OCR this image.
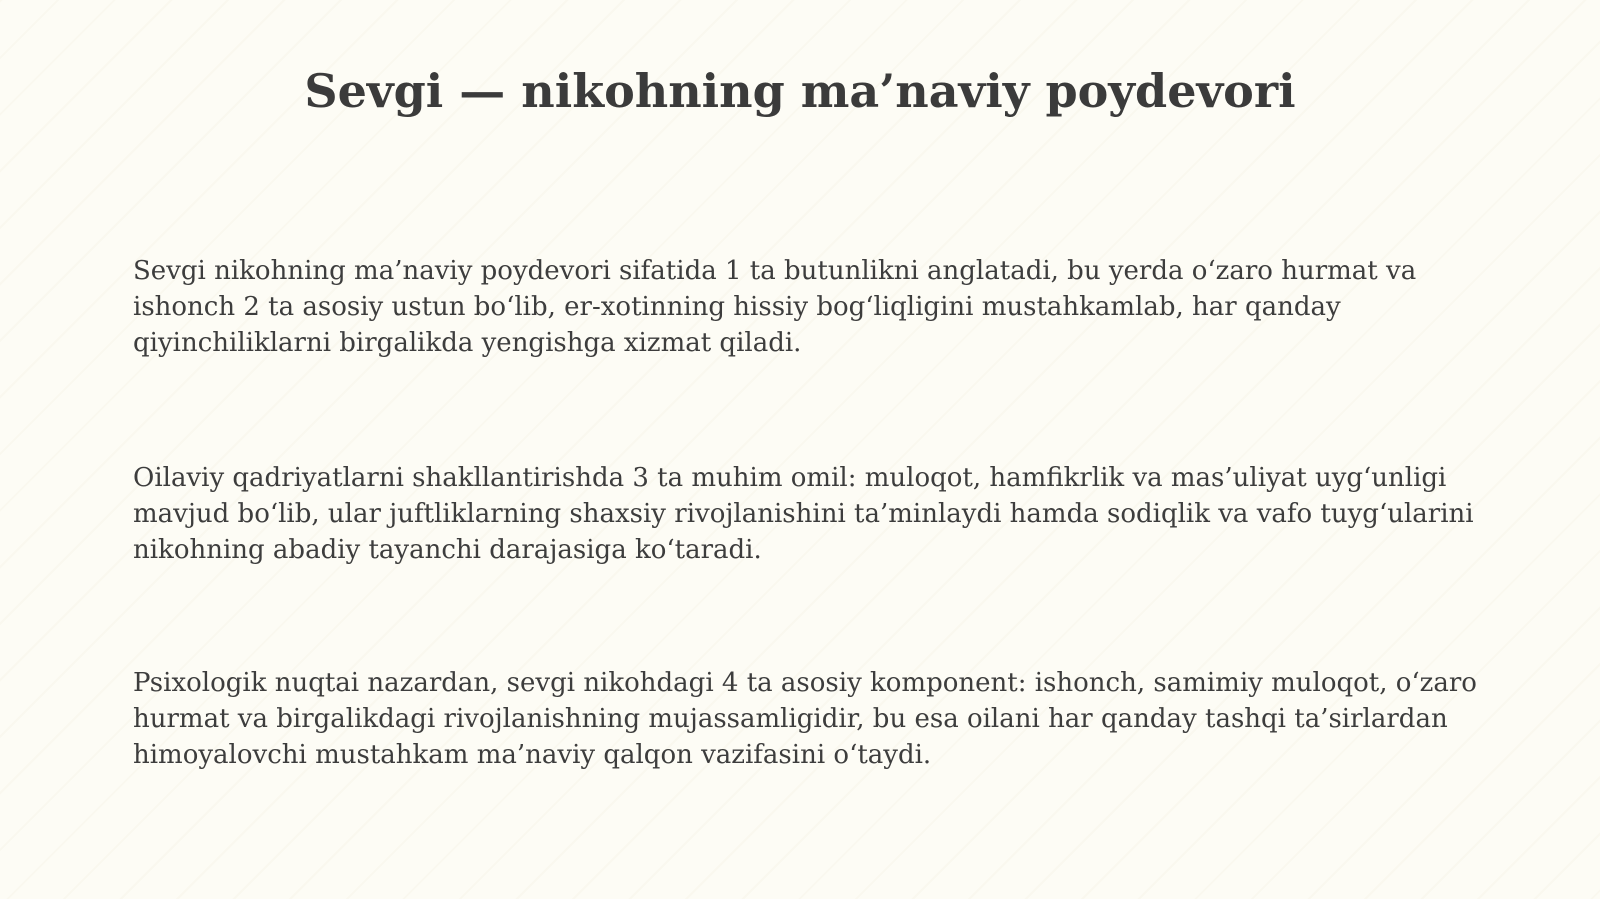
Sevgi — nikohning ma’naviy poydevori

Sevgi nikohning ma’naviy poydevori sifatida 1 ta butunlikni anglatadi, bu yerda o‘zaro hurmat va ishonch 2 ta asosiy ustun bo‘lib, er-xotinning hissiy bog‘liqligini mustahkamlab, har qanday qiyinchiliklarni birgalikda yengishga xizmat qiladi.

Oilaviy qadriyatlarni shakllantirishda 3 ta muhim omil: muloqot, hamfikrlik va mas’uliyat uyg‘unligi mavjud bo‘lib, ular juftliklarning shaxsiy rivojlanishini ta’minlaydi hamda sodiqlik va vafo tuyg‘ularini nikohning abadiy tayanchi darajasiga ko‘taradi.

Psixologik nuqtai nazardan, sevgi nikohdagi 4 ta asosiy komponent: ishonch, samimiy muloqot, o‘zaro hurmat va birgalikdagi rivojlanishning mujassamligidir, bu esa oilani har qanday tashqi ta’sirlardan himoyalovchi mustahkam ma’naviy qalqon vazifasini o‘taydi.
